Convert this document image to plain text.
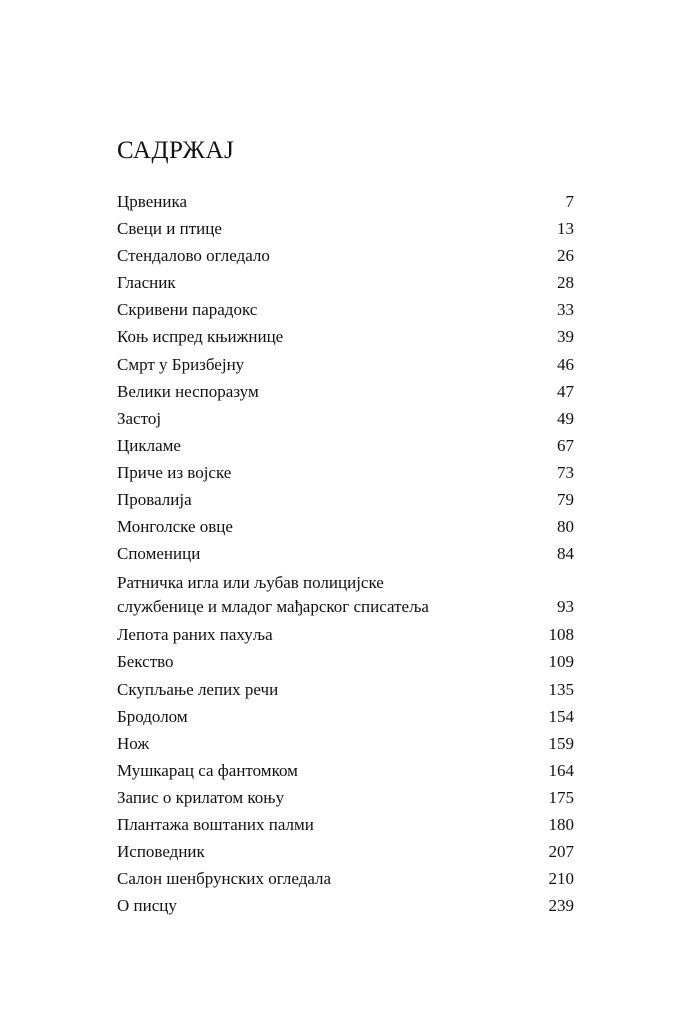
САДРЖАЈ
Црвеника	7
Свеци и птице	13
Стендалово огледало	26
Гласник	28
Скривени парадокс	33
Коњ испред књижнице	39
Смрт у Бризбејну	46
Велики неспоразум	47
Застој	49
Цикламе	67
Приче из војске	73
Провалија	79
Монголске овце	80
Споменици	84
Ратничка игла или љубав полицијске
службенице и младог мађарског списатеља	93
Лепота раних пахуља	108
Бекство	109
Скупљање лепих речи	135
Бродолом	154
Нож	159
Мушкарац са фантомком	164
Запис о крилатом коњу	175
Плантажа воштаних палми	180
Исповедник	207
Салон шенбрунских огледала	210
О писцу	239
